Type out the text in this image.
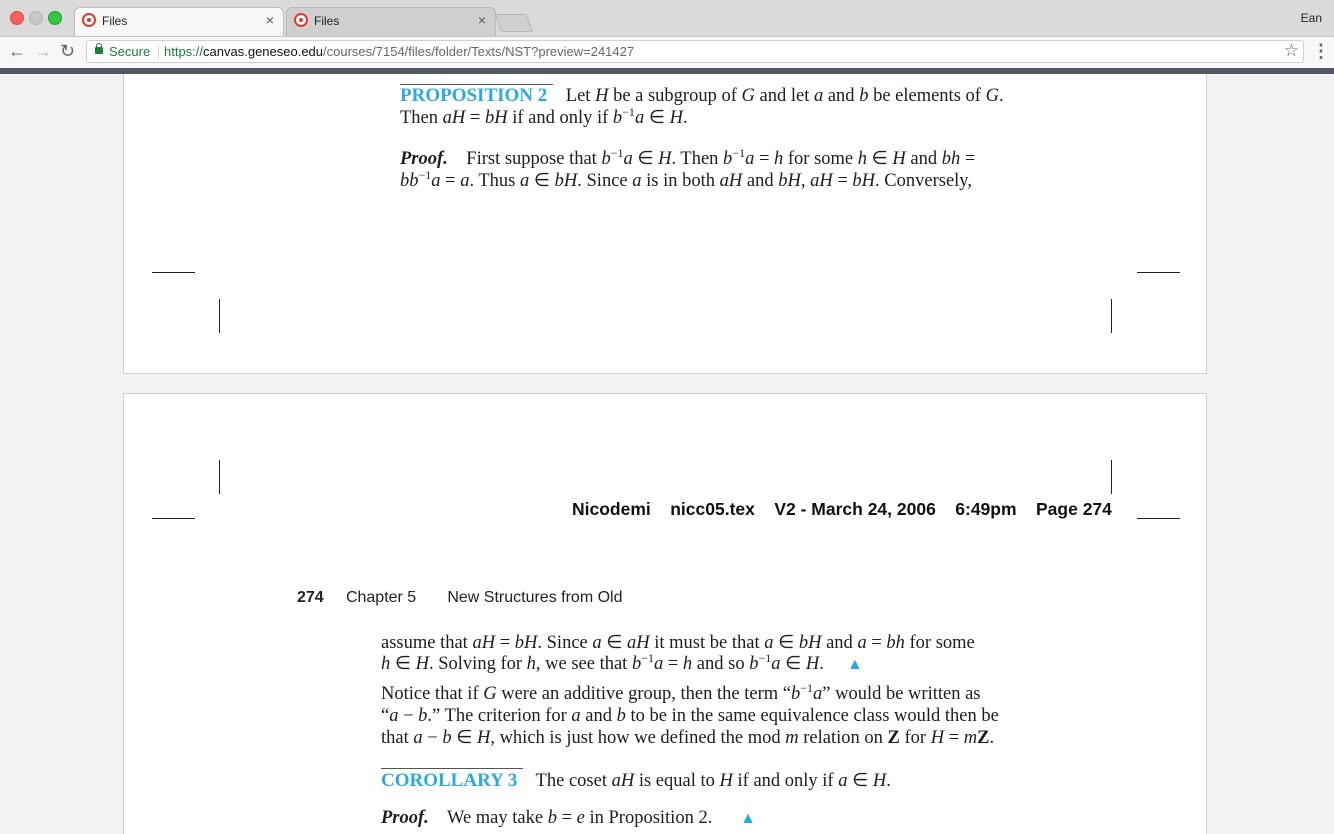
Files	×	Files	×	Ean
← → ↻	Secure https://canvas.geneseo.edu/courses/7154/files/folder/Texts/NST?preview=241427	☆ ⋮
PROPOSITION 2    Let H be a subgroup of G and let a and b be elements of G.
Then aH = bH if and only if $b^{-1}a$ ∈ H.
Proof.    First suppose that $b^{-1}a$ ∈ H. Then $b^{-1}a = h$ for some h ∈ H and bh =
$bb^{-1}a = a$. Thus a ∈ bH. Since a is in both aH and bH, aH = bH. Conversely,
Nicodemi nicc05.tex V2 - March 24, 2006 6:49pm Page 274
274 Chapter 5 New Structures from Old
assume that aH = bH. Since a ∈ aH it must be that a ∈ bH and a = bh for some
h ∈ H. Solving for h, we see that $b^{-1}a = h$ and so $b^{-1}a$ ∈ H.     ▲
Notice that if G were an additive group, then the term “$b^{-1}a$” would be written as
“a − b.” The criterion for a and b to be in the same equivalence class would then be
that a − b ∈ H, which is just how we defined the mod m relation on Z for H = mZ.
COROLLARY 3    The coset aH is equal to H if and only if a ∈ H.
Proof.    We may take b = e in Proposition 2.      ▲
